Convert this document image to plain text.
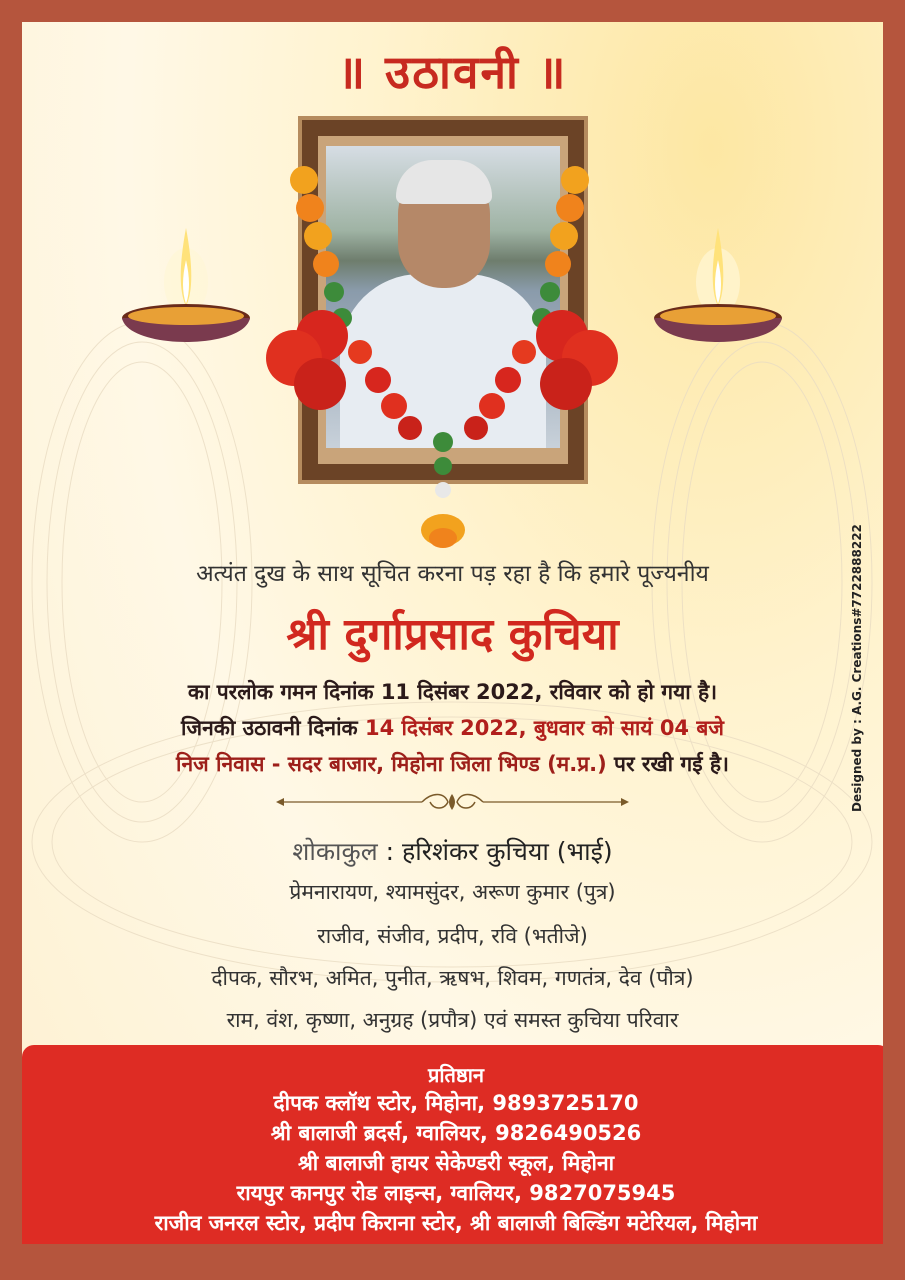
॥ उठावनी ॥
अत्यंत दुख के साथ सूचित करना पड़ रहा है कि हमारे पूज्यनीय
श्री दुर्गाप्रसाद कुचिया
का परलोक गमन दिनांक 11 दिसंबर 2022, रविवार को हो गया है।
जिनकी उठावनी दिनांक 14 दिसंबर 2022, बुधवार को सायं 04 बजे
निज निवास - सदर बाजार, मिहोना जिला भिण्ड (म.प्र.) पर रखी गई है।
शोकाकुल : हरिशंकर कुचिया (भाई)
प्रेमनारायण, श्यामसुंदर, अरूण कुमार (पुत्र)
राजीव, संजीव, प्रदीप, रवि (भतीजे)
दीपक, सौरभ, अमित, पुनीत, ऋषभ, शिवम, गणतंत्र, देव (पौत्र)
राम, वंश, कृष्णा, अनुग्रह (प्रपौत्र) एवं समस्त कुचिया परिवार
Designed by : A.G. Creations#7722888222
प्रतिष्ठान
दीपक क्लॉथ स्टोर, मिहोना, 9893725170
श्री बालाजी ब्रदर्स, ग्वालियर, 9826490526
श्री बालाजी हायर सेकेण्डरी स्कूल, मिहोना
रायपुर कानपुर रोड लाइन्स, ग्वालियर, 9827075945
राजीव जनरल स्टोर, प्रदीप किराना स्टोर, श्री बालाजी बिल्डिंग मटेरियल, मिहोना
